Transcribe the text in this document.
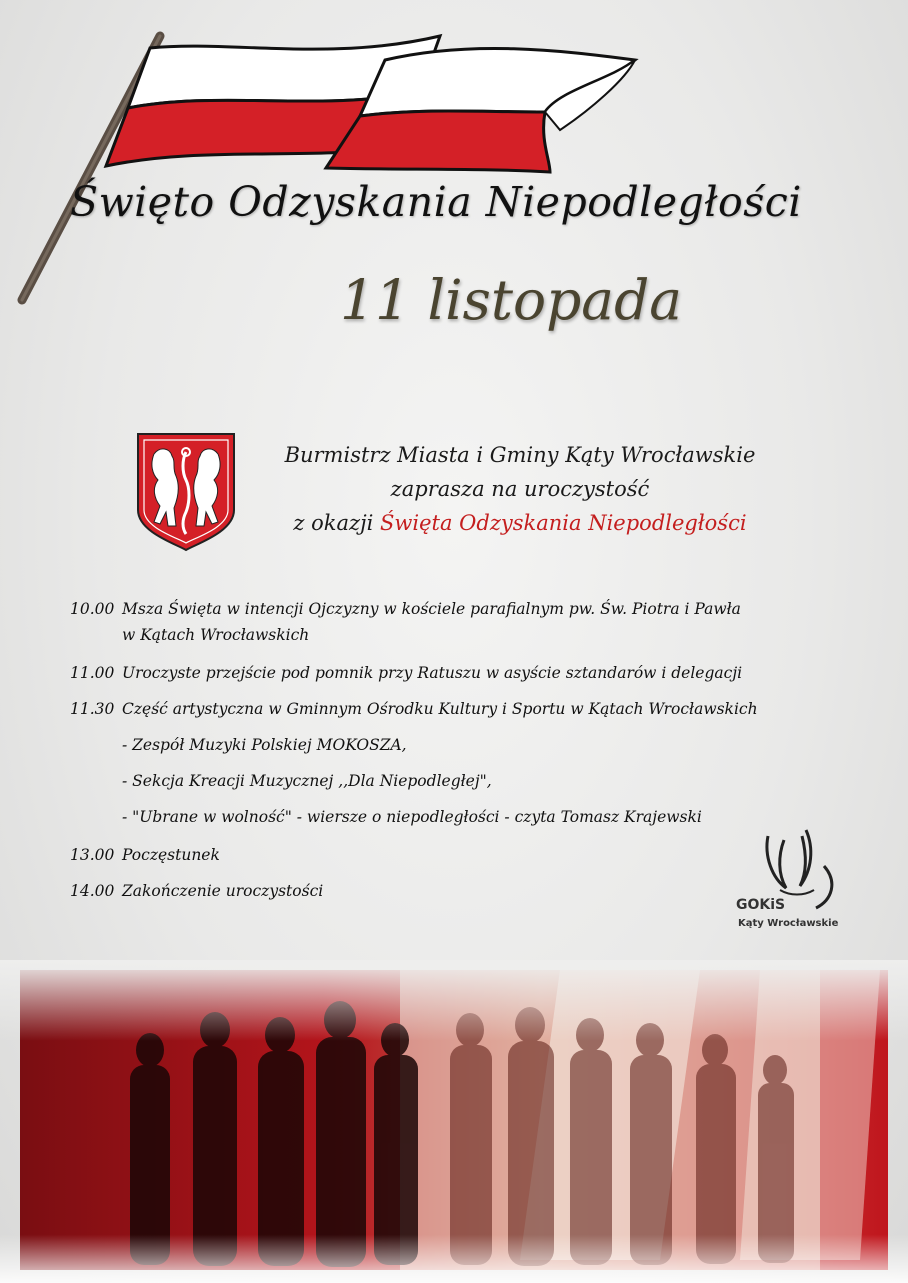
Święto Odzyskania Niepodległości
11 listopada
Burmistrz Miasta i Gminy Kąty Wrocławskie
zaprasza na uroczystość
z okazji Święta Odzyskania Niepodległości
10.00 Msza Święta w intencji Ojczyzny w kościele parafialnym pw. Św. Piotra i Pawła
w Kątach Wrocławskich
11.00 Uroczyste przejście pod pomnik przy Ratuszu w asyście sztandarów i delegacji
11.30 Część artystyczna w Gminnym Ośrodku Kultury i Sportu w Kątach Wrocławskich
- Zespół Muzyki Polskiej MOKOSZA,
- Sekcja Kreacji Muzycznej ,,Dla Niepodległej",
- "Ubrane w wolność" - wiersze o niepodległości - czyta Tomasz Krajewski
13.00 Poczęstunek
14.00 Zakończenie uroczystości
GOKiS
Kąty Wrocławskie
